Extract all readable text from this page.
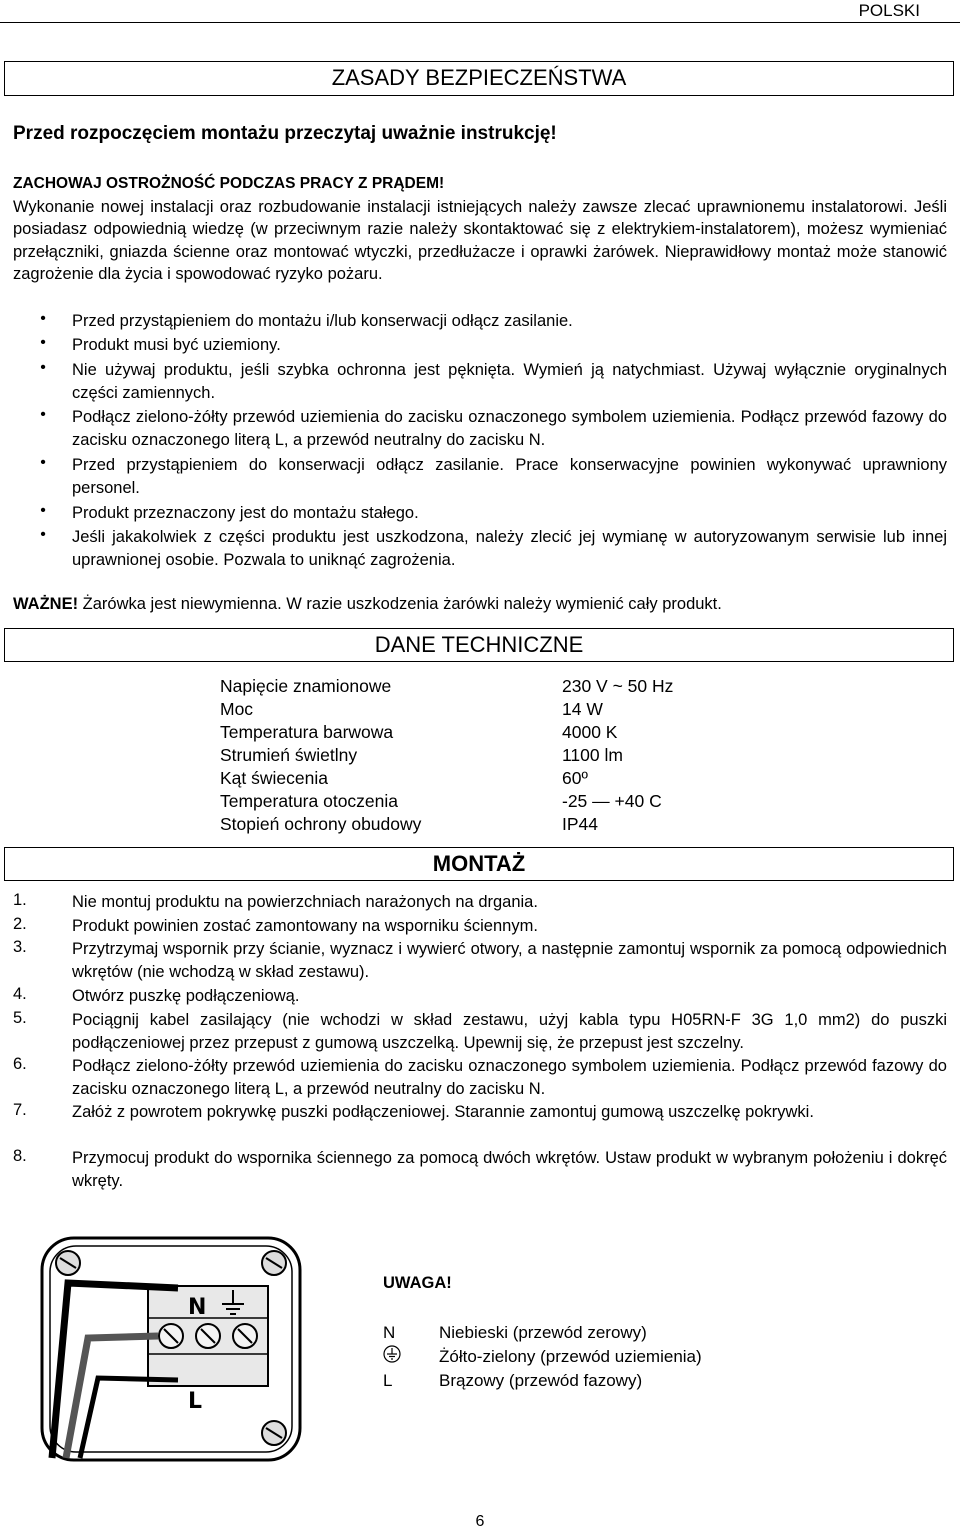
POLSKI
ZASADY BEZPIECZEŃSTWA
Przed rozpoczęciem montażu przeczytaj uważnie instrukcję!
ZACHOWAJ OSTROŻNOŚĆ PODCZAS PRACY Z PRĄDEM!
Wykonanie nowej instalacji oraz rozbudowanie instalacji istniejących należy zawsze zlecać uprawnionemu instalatorowi. Jeśli posiadasz odpowiednią wiedzę (w przeciwnym razie należy skontaktować się z elektrykiem-instalatorem), możesz wymieniać przełączniki, gniazda ścienne oraz montować wtyczki, przedłużacze i oprawki żarówek. Nieprawidłowy montaż może stanowić zagrożenie dla życia i spowodować ryzyko pożaru.
•	Przed przystąpieniem do montażu i/lub konserwacji odłącz zasilanie.
•	Produkt musi być uziemiony.
•	Nie używaj produktu, jeśli szybka ochronna jest pęknięta. Wymień ją natychmiast. Używaj wyłącznie oryginalnych części zamiennych.
•	Podłącz zielono-żółty przewód uziemienia do zacisku oznaczonego symbolem uziemienia. Podłącz przewód fazowy do zacisku oznaczonego literą L, a przewód neutralny do zacisku N.
•	Przed przystąpieniem do konserwacji odłącz zasilanie. Prace konserwacyjne powinien wykonywać uprawniony personel.
•	Produkt przeznaczony jest do montażu stałego.
•	Jeśli jakakolwiek z części produktu jest uszkodzona, należy zlecić jej wymianę w autoryzowanym serwisie lub innej uprawnionej osobie. Pozwala to uniknąć zagrożenia.
WAŻNE! Żarówka jest niewymienna. W razie uszkodzenia żarówki należy wymienić cały produkt.
DANE TECHNICZNE
Napięcie znamionowe	230 V ~ 50 Hz
Moc	14 W
Temperatura barwowa	4000 K
Strumień świetlny	1100 lm
Kąt świecenia	60º
Temperatura otoczenia	-25 — +40 C
Stopień ochrony obudowy	IP44
MONTAŻ
1.	Nie montuj produktu na powierzchniach narażonych na drgania.
2.	Produkt powinien zostać zamontowany na wsporniku ściennym.
3.	Przytrzymaj wspornik przy ścianie, wyznacz i wywierć otwory, a następnie zamontuj wspornik za pomocą odpowiednich wkrętów (nie wchodzą w skład zestawu).
4.	Otwórz puszkę podłączeniową.
5.	Pociągnij kabel zasilający (nie wchodzi w skład zestawu, użyj kabla typu H05RN-F 3G 1,0 mm2) do puszki podłączeniowej przez przepust z gumową uszczelką. Upewnij się, że przepust jest szczelny.
6.	Podłącz zielono-żółty przewód uziemienia do zacisku oznaczonego symbolem uziemienia. Podłącz przewód fazowy do zacisku oznaczonego literą L, a przewód neutralny do zacisku N.
7.	Załóż z powrotem pokrywkę puszki podłączeniowej. Starannie zamontuj gumową uszczelkę pokrywki.
8.	Przymocuj produkt do wspornika ściennego za pomocą dwóch wkrętów. Ustaw produkt w wybranym położeniu i dokręć wkręty.
N
L
UWAGA!
N	Niebieski (przewód zerowy)
Żółto-zielony (przewód uziemienia)
L	Brązowy (przewód fazowy)
6
